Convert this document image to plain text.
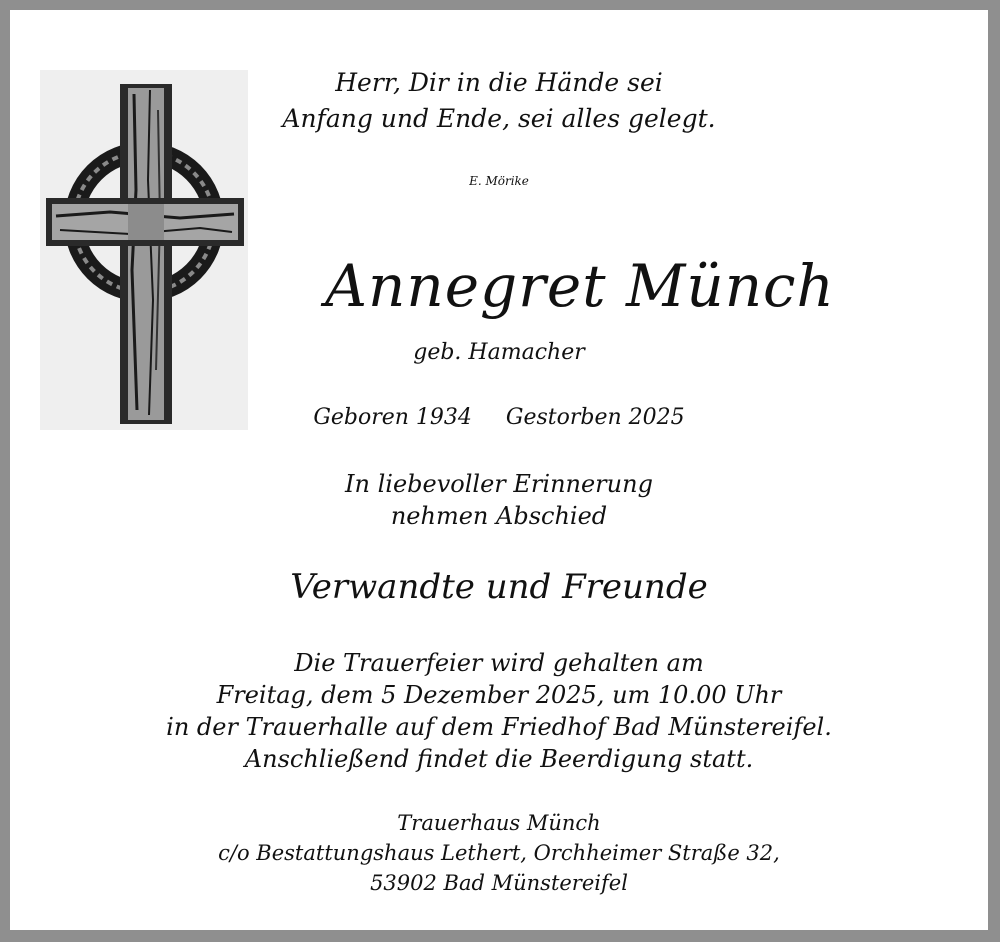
Herr, Dir in die Hände sei
Anfang und Ende, sei alles gelegt.
E. Mörike
Annegret Münch
geb. Hamacher
Geboren 1934 Gestorben 2025
In liebevoller Erinnerung
nehmen Abschied
Verwandte und Freunde
Die Trauerfeier wird gehalten am
Freitag, dem 5 Dezember 2025, um 10.00 Uhr
in der Trauerhalle auf dem Friedhof Bad Münstereifel.
Anschließend findet die Beerdigung statt.
Trauerhaus Münch
c/o Bestattungshaus Lethert, Orchheimer Straße 32,
53902 Bad Münstereifel
